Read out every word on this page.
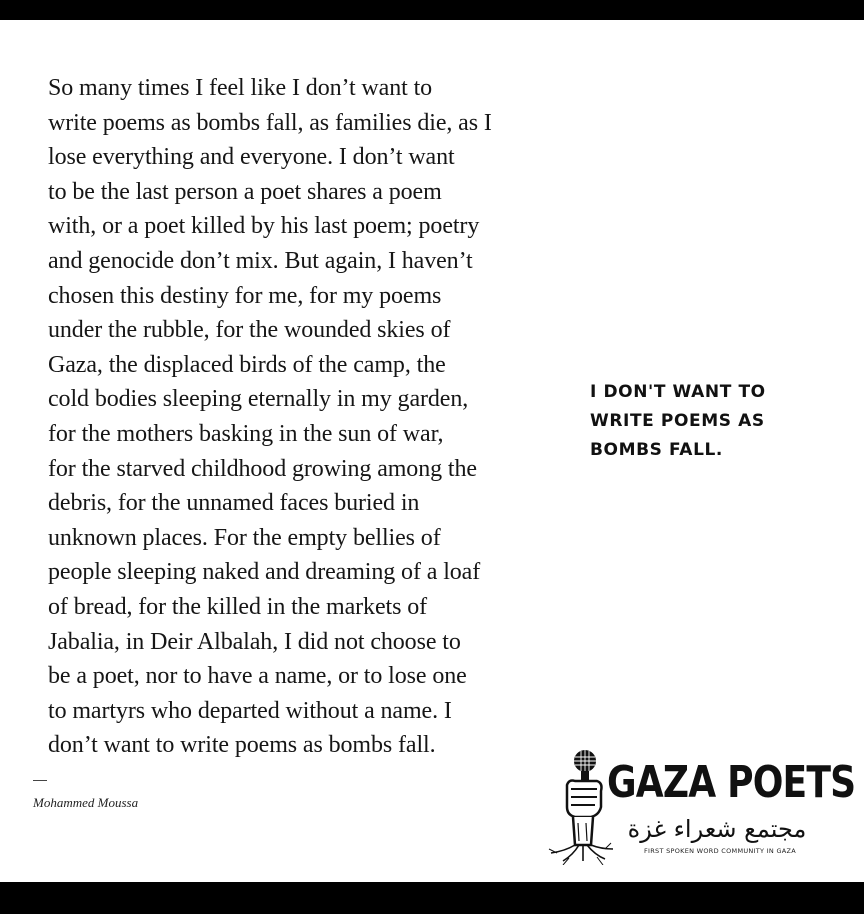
So many times I feel like I don’t want to
write poems as bombs fall, as families die, as I
lose everything and everyone. I don’t want
to be the last person a poet shares a poem
with, or a poet killed by his last poem; poetry
and genocide don’t mix. But again, I haven’t
chosen this destiny for me, for my poems
under the rubble, for the wounded skies of
Gaza, the displaced birds of the camp, the
cold bodies sleeping eternally in my garden,
for the mothers basking in the sun of war,
for the starved childhood growing among the
debris, for the unnamed faces buried in
unknown places. For the empty bellies of
people sleeping naked and dreaming of a loaf
of bread, for the killed in the markets of
Jabalia, in Deir Albalah, I did not choose to
be a poet, nor to have a name, or to lose one
to martyrs who departed without a name. I
don’t want to write poems as bombs fall.

Mohammed Moussa

I DON'T WANT TO
WRITE POEMS AS
BOMBS FALL.

GAZA POETS
مجتمع شعراء غزة
FIRST SPOKEN WORD COMMUNITY IN GAZA
